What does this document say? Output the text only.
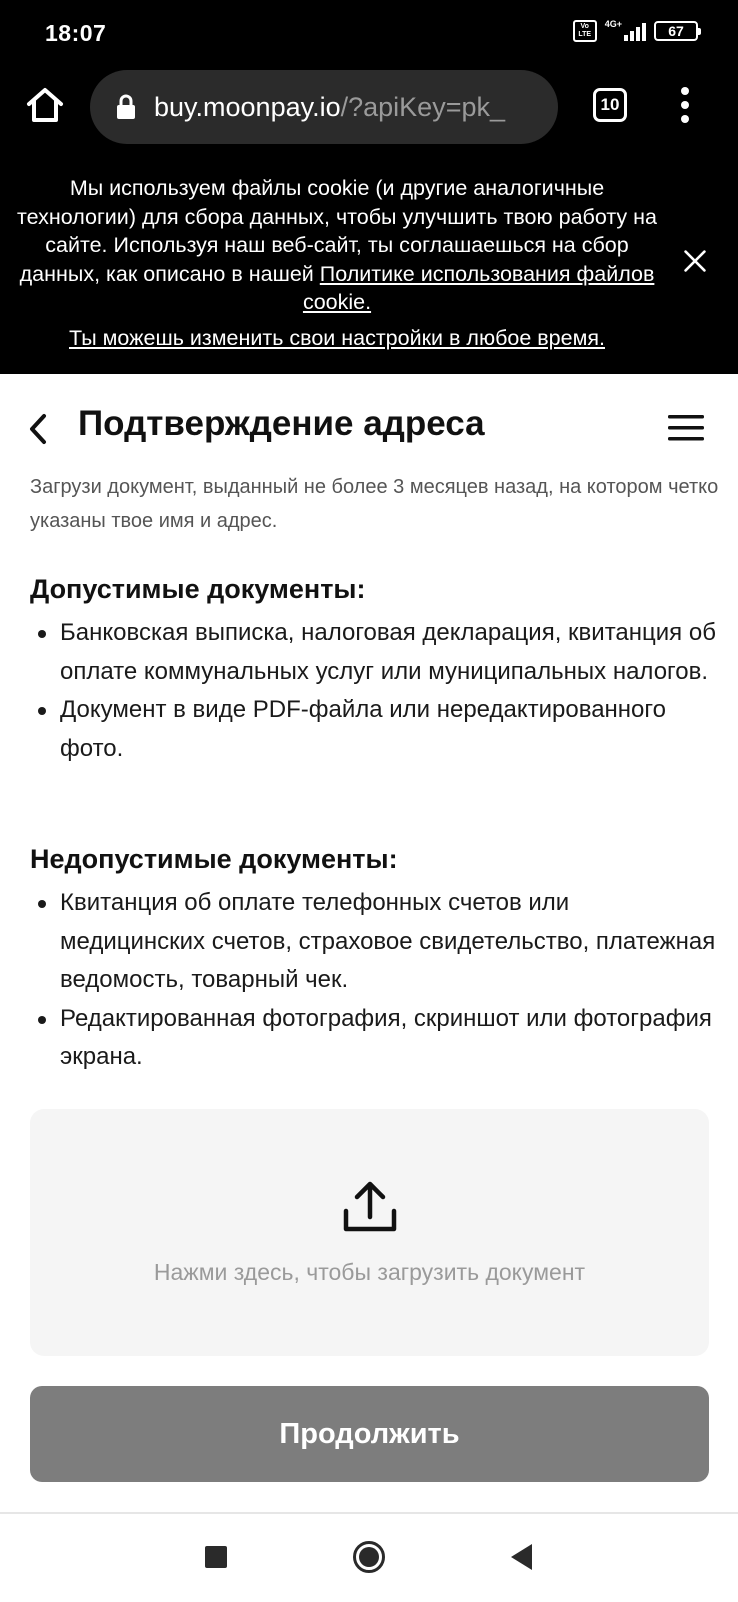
18:07	Vo LTE
4G+	67
buy.moonpay.io /?apiKey=pk_	10
Мы используем файлы cookie (и другие аналогичные технологии) для сбора данных, чтобы улучшить твою работу на сайте. Используя наш веб-сайт, ты соглашаешься на сбор данных, как описано в нашей Политике использования файлов cookie.
Ты можешь изменить свои настройки в любое время.
Подтверждение адреса
Загрузи документ, выданный не более 3 месяцев назад, на котором четко указаны твое имя и адрес.
Допустимые документы:
Банковская выписка, налоговая декларация, квитанция об оплате коммунальных услуг или муниципальных налогов.
Документ в виде PDF-файла или нередактированного фото.
Недопустимые документы:
Квитанция об оплате телефонных счетов или медицинских счетов, страховое свидетельство, платежная ведомость, товарный чек.
Редактированная фотография, скриншот или фотография экрана.
Нажми здесь, чтобы загрузить документ
Продолжить
